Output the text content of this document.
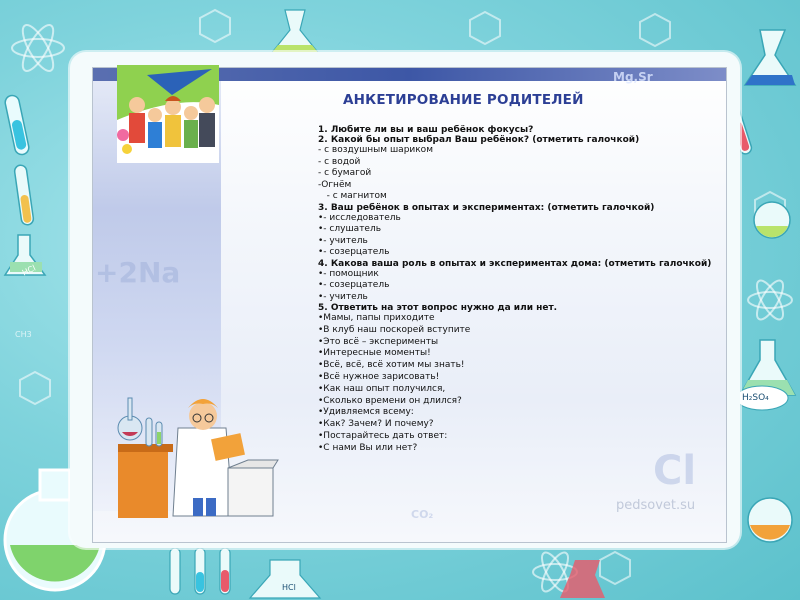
HCl
H₂SO₄
HCl
CH3
+2Na
Mg,Sr
CO₂
Cl
АНКЕТИРОВАНИЕ РОДИТЕЛЕЙ
1. Любите ли вы и ваш ребёнок фокусы?
2. Какой бы опыт выбрал Ваш ребёнок? (отметить галочкой)
- с воздушным шариком
- с водой
- с бумагой
-Огнём
- с магнитом
3. Ваш ребёнок в опытах и экспериментах: (отметить галочкой)
•- исследователь
•- слушатель
•- учитель
•- созерцатель
4. Какова ваша роль в опытах и экспериментах дома: (отметить галочкой)
•- помощник
•- созерцатель
•- учитель
5. Ответить на этот вопрос нужно да или нет.
•Мамы, папы приходите
•В клуб наш поскорей вступите
•Это всё – эксперименты
•Интересные моменты!
•Всё, всё, всё хотим мы знать!
•Всё нужное зарисовать!
•Как наш опыт получился,
•Сколько времени он длился?
•Удивляемся всему:
•Как? Зачем? И почему?
•Постарайтесь дать ответ:
•С нами Вы или нет?
pedsovet.su
